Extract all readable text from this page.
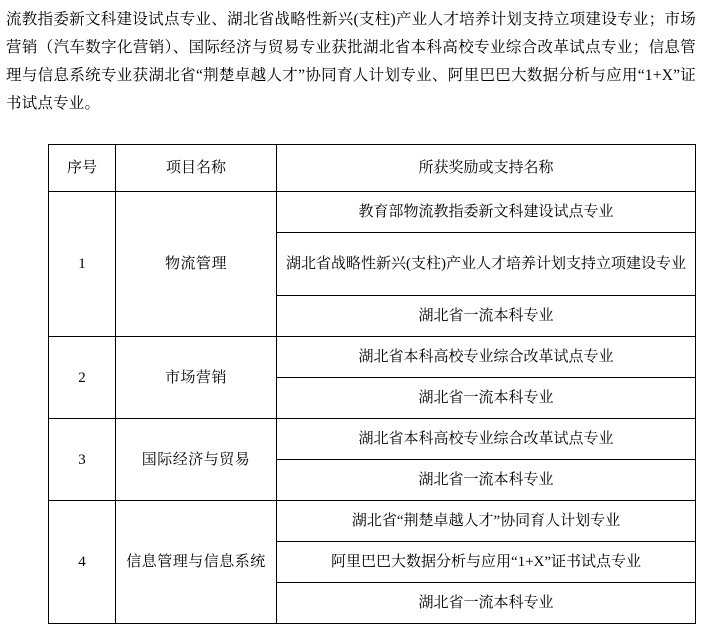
流教指委新文科建设试点专业、湖北省战略性新兴(支柱)产业人才培养计划支持立项建设专业；市场营销（汽车数字化营销）、国际经济与贸易专业获批湖北省本科高校专业综合改革试点专业；信息管理与信息系统专业获湖北省“荆楚卓越人才”协同育人计划专业、阿里巴巴大数据分析与应用“1+X”证书试点专业。

序号	项目名称	所获奖励或支持名称
1	物流管理	教育部物流教指委新文科建设试点专业
		湖北省战略性新兴(支柱)产业人才培养计划支持立项建设专业
		湖北省一流本科专业
2	市场营销	湖北省本科高校专业综合改革试点专业
		湖北省一流本科专业
3	国际经济与贸易	湖北省本科高校专业综合改革试点专业
		湖北省一流本科专业
4	信息管理与信息系统	湖北省“荆楚卓越人才”协同育人计划专业
		阿里巴巴大数据分析与应用“1+X”证书试点专业
		湖北省一流本科专业
